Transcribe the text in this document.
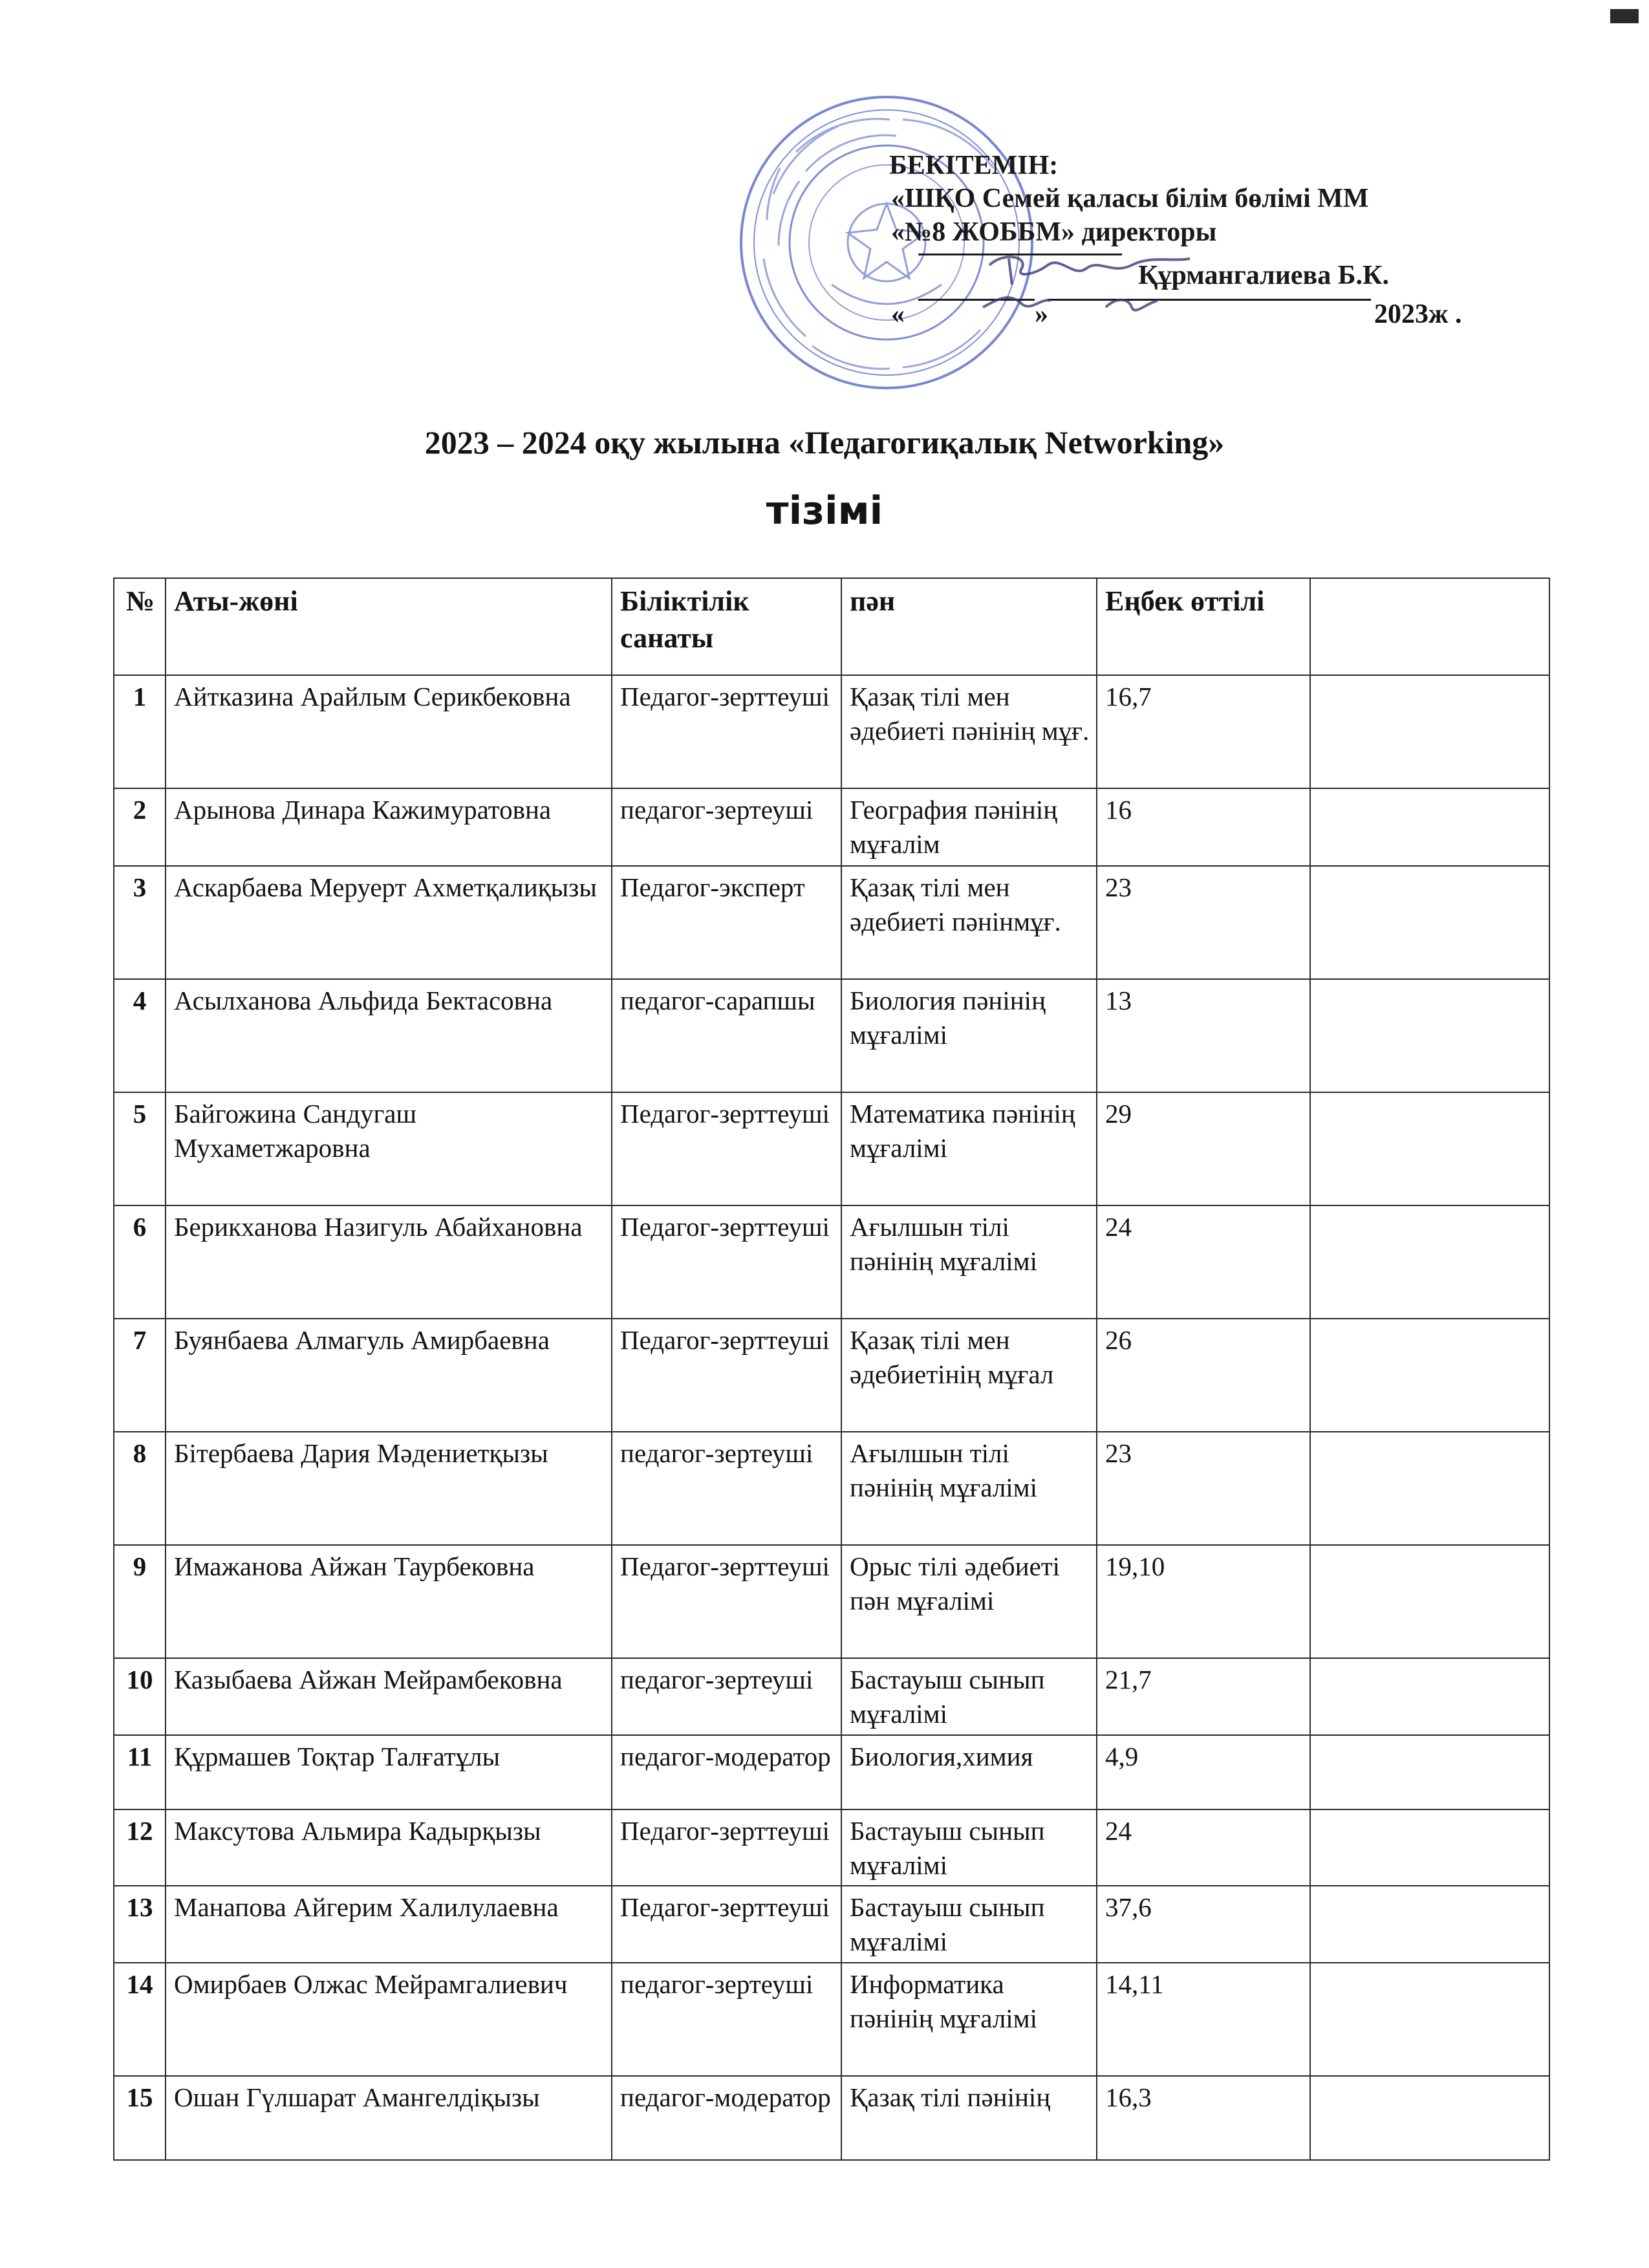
БЕКІТЕМІН:
«ШҚО Семей қаласы білім бөлімі ММ
«№8 ЖОББМ» директоры
Құрмангалиева Б.К.
«	»	2023ж .
2023 – 2024 оқу жылына «Педагогиқалық Networking»
тізімі
№	Аты-жөні	Біліктілік санаты	пән	Еңбек өттілі	
1	Айтказина Арайлым Серикбековна	Педагог-зерттеуші	Қазақ тілі мен әдебиеті пәнінің мұғ.	16,7	
2	Арынова Динара Кажимуратовна	педагог-зертеуші	География пәнінің мұғалім	16	
3	Аскарбаева Меруерт Ахметқалиқызы	Педагог-эксперт	Қазақ тілі мен әдебиеті пәнінмұғ.	23	
4	Асылханова Альфида Бектасовна	педагог-сарапшы	Биология пәнінің мұғалімі	13	
5	Байгожина Сандугаш Мухаметжаровна	Педагог-зерттеуші	Математика пәнінің мұғалімі	29	
6	Берикханова Назигуль Абайхановна	Педагог-зерттеуші	Ағылшын тілі пәнінің мұғалімі	24	
7	Буянбаева Алмагуль Амирбаевна	Педагог-зерттеуші	Қазақ тілі мен әдебиетінің мұғал	26	
8	Бітербаева Дария Мәдениетқызы	педагог-зертеуші	Ағылшын тілі пәнінің мұғалімі	23	
9	Имажанова Айжан Таурбековна	Педагог-зерттеуші	Орыс тілі әдебиеті пән мұғалімі	19,10	
10	Казыбаева Айжан Мейрамбековна	педагог-зертеуші	Бастауыш сынып мұғалімі	21,7	
11	Құрмашев Тоқтар Талғатұлы	педагог-модератор	Биология,химия	4,9	
12	Максутова Альмира Кадырқызы	Педагог-зерттеуші	Бастауыш сынып мұғалімі	24	
13	Манапова Айгерим Халилулаевна	Педагог-зерттеуші	Бастауыш сынып мұғалімі	37,6	
14	Омирбаев Олжас Мейрамгалиевич	педагог-зертеуші	Информатика пәнінің мұғалімі	14,11	
15	Ошан Гүлшарат Амангелдіқызы	педагог-модератор	Қазақ тілі пәнінің	16,3	
